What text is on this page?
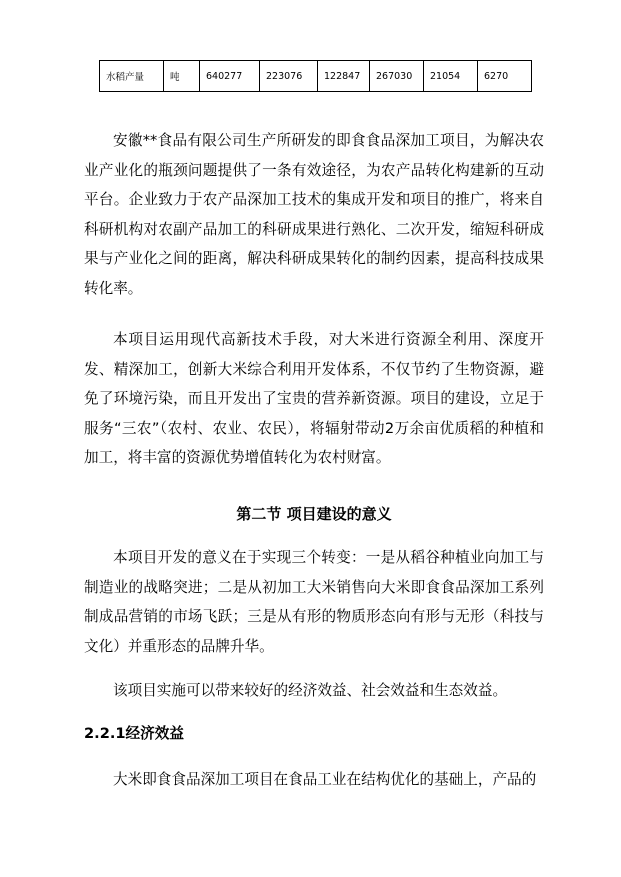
水稻产量	吨	640277	223076	122847	267030	21054	6270

安徽**食品有限公司生产所研发的即食食品深加工项目，为解决农业产业化的瓶颈问题提供了一条有效途径，为农产品转化构建新的互动平台。企业致力于农产品深加工技术的集成开发和项目的推广，将来自科研机构对农副产品加工的科研成果进行熟化、二次开发，缩短科研成果与产业化之间的距离，解决科研成果转化的制约因素，提高科技成果转化率。

本项目运用现代高新技术手段，对大米进行资源全利用、深度开发、精深加工，创新大米综合利用开发体系，不仅节约了生物资源，避免了环境污染，而且开发出了宝贵的营养新资源。项目的建设，立足于服务“三农”（农村、农业、农民），将辐射带动2万余亩优质稻的种植和加工，将丰富的资源优势增值转化为农村财富。

第二节 项目建设的意义

本项目开发的意义在于实现三个转变：一是从稻谷种植业向加工与制造业的战略突进；二是从初加工大米销售向大米即食食品深加工系列制成品营销的市场飞跃；三是从有形的物质形态向有形与无形（科技与文化）并重形态的品牌升华。

该项目实施可以带来较好的经济效益、社会效益和生态效益。

2.2.1经济效益

大米即食食品深加工项目在食品工业在结构优化的基础上，产品的
